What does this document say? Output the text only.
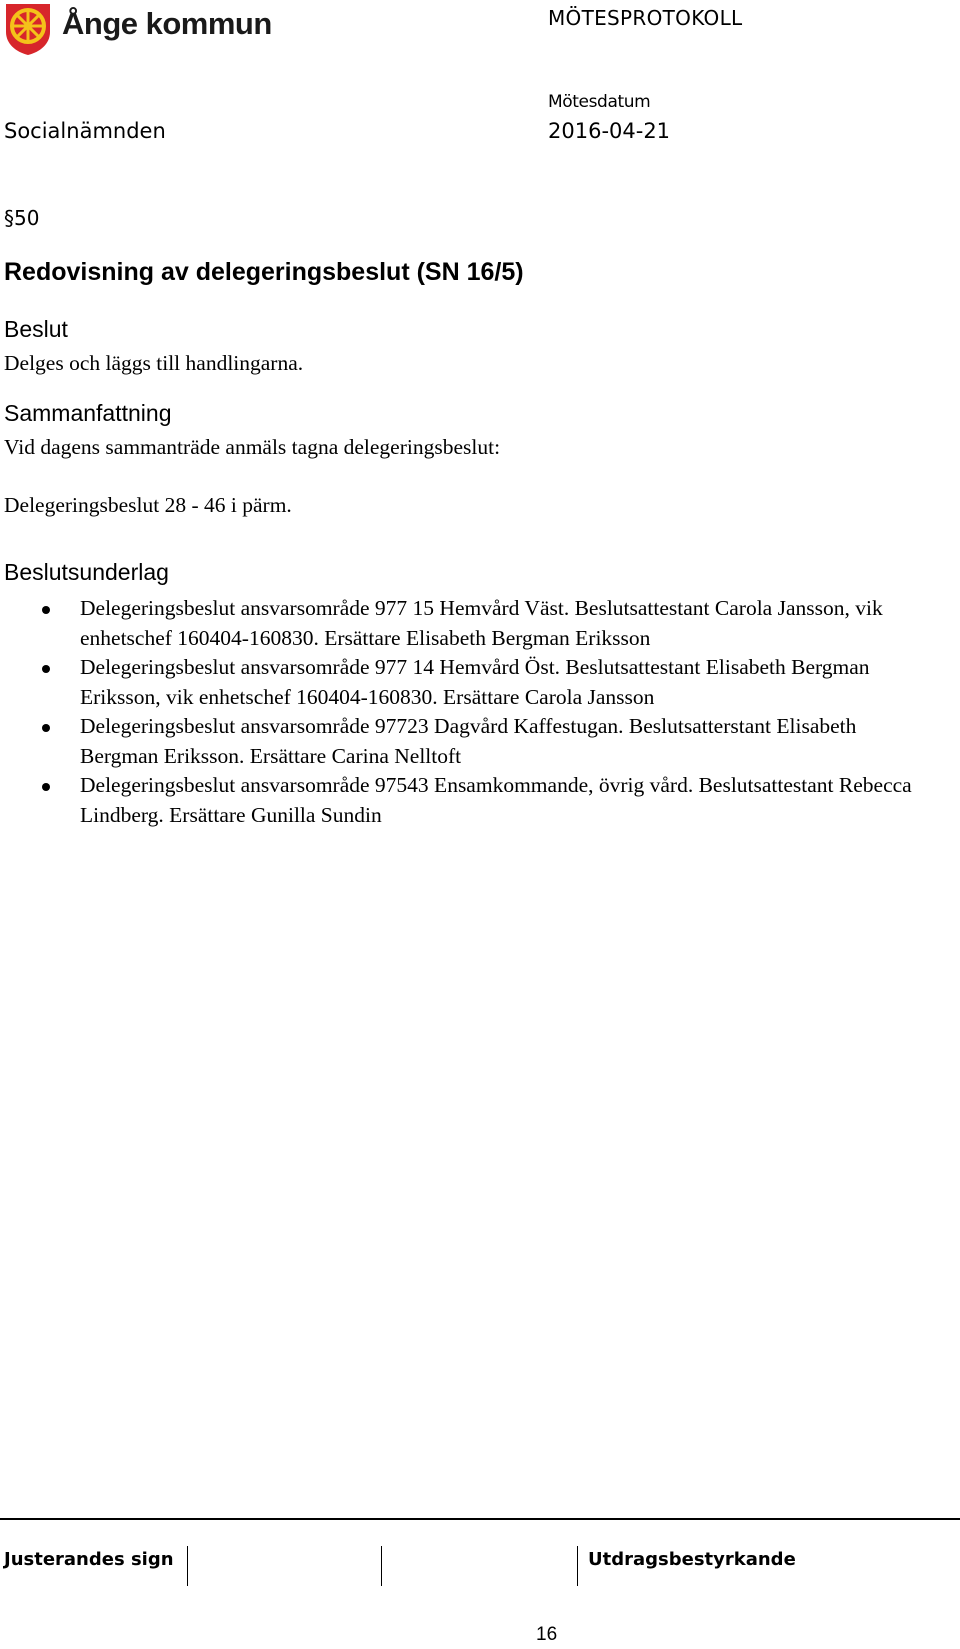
Ånge kommun	MÖTESPROTOKOLL
Mötesdatum
Socialnämnden	2016-04-21
§50
Redovisning av delegeringsbeslut (SN 16/5)
Beslut
Delges och läggs till handlingarna.
Sammanfattning
Vid dagens sammanträde anmäls tagna delegeringsbeslut:
Delegeringsbeslut 28 - 46 i pärm.
Beslutsunderlag
Delegeringsbeslut ansvarsområde 977 15 Hemvård Väst. Beslutsattestant Carola Jansson, vik enhetschef 160404-160830. Ersättare Elisabeth Bergman Eriksson
Delegeringsbeslut ansvarsområde 977 14 Hemvård Öst. Beslutsattestant Elisabeth Bergman Eriksson, vik enhetschef 160404-160830. Ersättare Carola Jansson
Delegeringsbeslut ansvarsområde 97723 Dagvård Kaffestugan. Beslutsatterstant Elisabeth Bergman Eriksson. Ersättare Carina Nelltoft
Delegeringsbeslut ansvarsområde 97543 Ensamkommande, övrig vård. Beslutsattestant Rebecca Lindberg. Ersättare Gunilla Sundin
Justerandes sign	Utdragsbestyrkande
16
